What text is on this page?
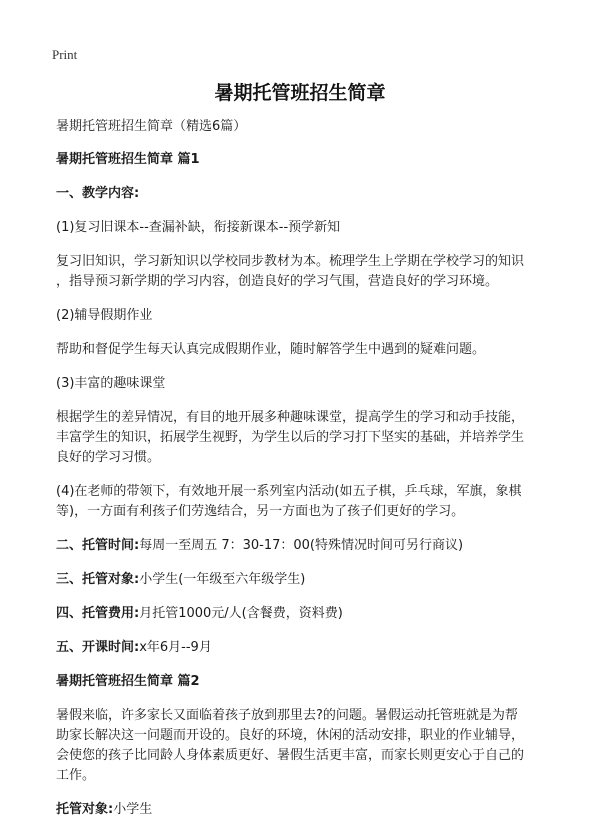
Print
暑期托管班招生简章

暑期托管班招生简章（精选6篇）

暑期托管班招生简章 篇1

一、教学内容:

(1)复习旧课本--查漏补缺，衔接新课本--预学新知

复习旧知识，学习新知识以学校同步教材为本。梳理学生上学期在学校学习的知识

，指导预习新学期的学习内容，创造良好的学习气围，营造良好的学习环境。

(2)辅导假期作业

帮助和督促学生每天认真完成假期作业，随时解答学生中遇到的疑难问题。

(3)丰富的趣味课堂

根据学生的差异情况，有目的地开展多种趣味课堂，提高学生的学习和动手技能，

丰富学生的知识，拓展学生视野，为学生以后的学习打下坚实的基础，并培养学生

良好的学习习惯。

(4)在老师的带领下，有效地开展一系列室内活动(如五子棋，乒乓球，军旗，象棋

等)，一方面有利孩子们劳逸结合，另一方面也为了孩子们更好的学习。

二、托管时间:每周一至周五 7：30-17：00(特殊情况时间可另行商议)

三、托管对象:小学生(一年级至六年级学生)

四、托管费用:月托管1000元/人(含餐费，资料费)

五、开课时间:x年6月--9月

暑期托管班招生简章 篇2

暑假来临，许多家长又面临着孩子放到那里去?的问题。暑假运动托管班就是为帮

助家长解决这一问题而开设的。良好的环境，休闲的活动安排，职业的作业辅导，

会使您的孩子比同龄人身体素质更好、暑假生活更丰富，而家长则更安心于自己的

工作。

托管对象:小学生
